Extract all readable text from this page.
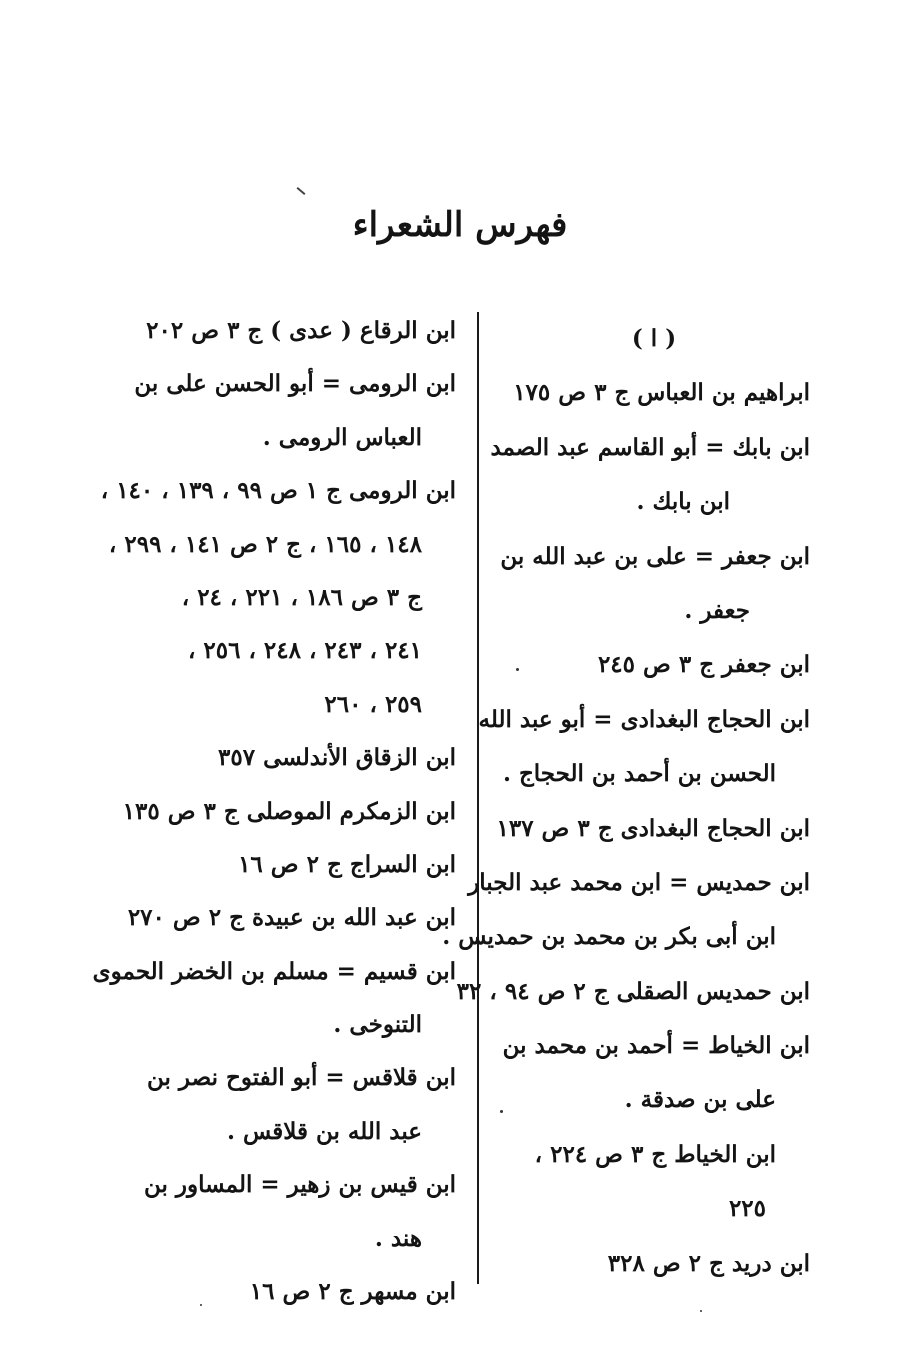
فهرس الشعراء
( ا )
ابراهيم بن العباس ج ٣ ص ١٧٥
ابن بابك = أبو القاسم عبد الصمد
ابن بابك .
ابن جعفر = على بن عبد الله بن
جعفر .
ابن جعفر ج ٣ ص ٢٤٥
ابن الحجاج البغدادى = أبو عبد الله
الحسن بن أحمد بن الحجاج .
ابن الحجاج البغدادى ج ٣ ص ١٣٧
ابن حمديس = ابن محمد عبد الجبار
ابن أبى بكر بن محمد بن حمديس .
ابن حمديس الصقلى ج ٢ ص ٩٤ ، ٣٢
ابن الخياط = أحمد بن محمد بن
على بن صدقة .
ابن الخياط ج ٣ ص ٢٢٤ ،
٢٢٥
ابن دريد ج ٢ ص ٣٢٨
ابن الرقاع ( عدى ) ج ٣ ص ٢٠٢
ابن الرومى = أبو الحسن على بن
العباس الرومى .
ابن الرومى ج ١ ص ٩٩ ، ١٣٩ ، ١٤٠ ،
١٤٨ ، ١٦٥ ، ج ٢ ص ١٤١ ، ٢٩٩ ،
ج ٣ ص ١٨٦ ، ٢٢١ ، ٢٤ ،
٢٤١ ، ٢٤٣ ، ٢٤٨ ، ٢٥٦ ،
٢٥٩ ، ٢٦٠
ابن الزقاق الأندلسى ٣٥٧
ابن الزمكرم الموصلى ج ٣ ص ١٣٥
ابن السراج ج ٢ ص ١٦
ابن عبد الله بن عبيدة ج ٢ ص ٢٧٠
ابن قسيم = مسلم بن الخضر الحموى
التنوخى .
ابن قلاقس = أبو الفتوح نصر بن
عبد الله بن قلاقس .
ابن قيس بن زهير = المساور بن
هند .
ابن مسهر ج ٢ ص ١٦
